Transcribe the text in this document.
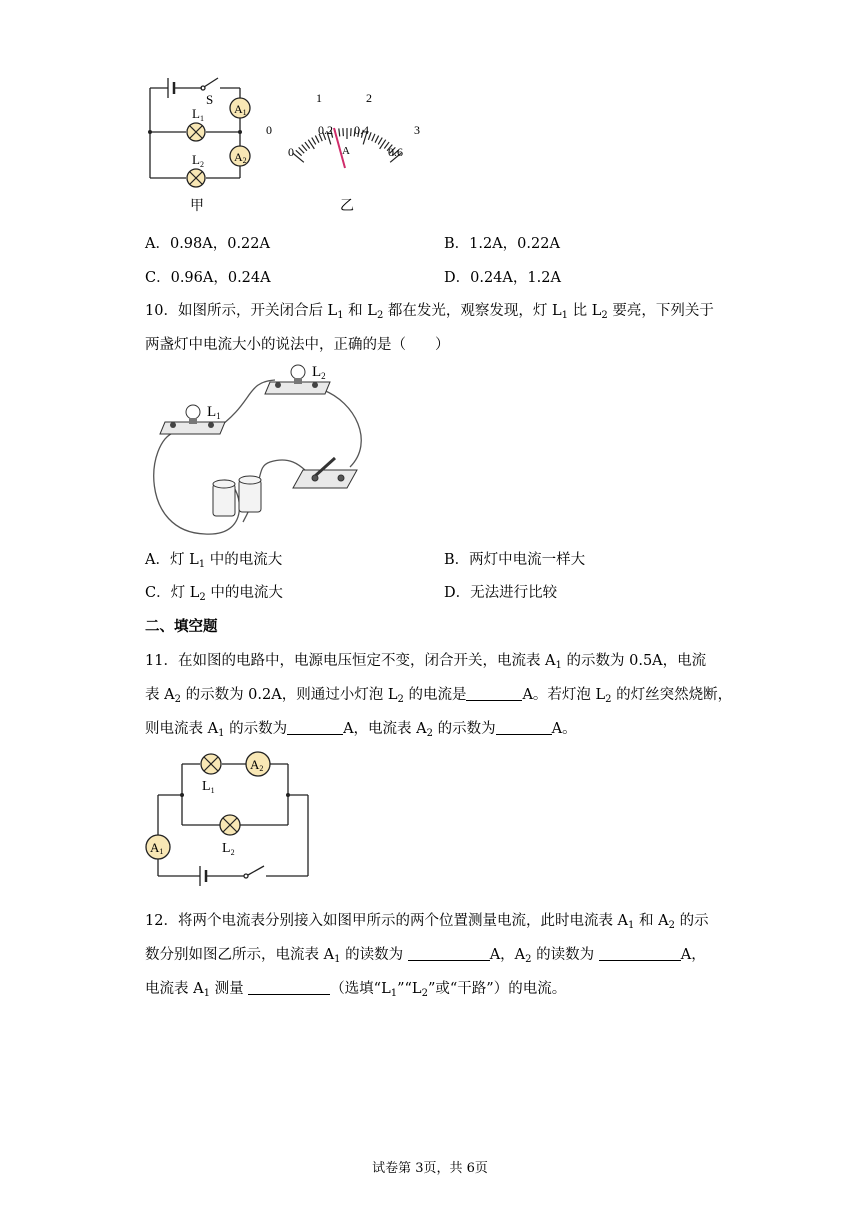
A1
A2
S
$L_1$
$L_2$
甲
0
1	2
3
0
0.2 0.4
0.6
A
乙
A．0.98A，0.22A	B．1.2A，0.22A
C．0.96A，0.24A	D．0.24A，1.2A
10．如图所示，开关闭合后 $L_1$ 和 $L_2$ 都在发光，观察发现，灯 $L_1$ 比 $L_2$ 要亮，下列关于
两盏灯中电流大小的说法中，正确的是（　　）
$L_1$
$L_2$
A．灯 $L_1$ 中的电流大	B．两灯中电流一样大
C．灯 $L_2$ 中的电流大	D．无法进行比较
二、填空题
11．在如图的电路中，电源电压恒定不变，闭合开关，电流表 $A_1$ 的示数为 0.5A，电流
表 $A_2$ 的示数为 0.2A，则通过小灯泡 $L_2$ 的电流是	A。若灯泡 $L_2$ 的灯丝突然烧断，
则电流表 $A_1$ 的示数为	A，电流表 $A_2$ 的示数为	A。
A2
A1
$L_1$
$L_2$
12．将两个电流表分别接入如图甲所示的两个位置测量电流，此时电流表 $A_1$ 和 $A_2$ 的示
数分别如图乙所示，电流表 $A_1$ 的读数为	A，$A_2$ 的读数为	A，
电流表 $A_1$ 测量	（选填“$L_1”“L_2$”或“干路”）的电流。
试卷第 3页，共 6页
